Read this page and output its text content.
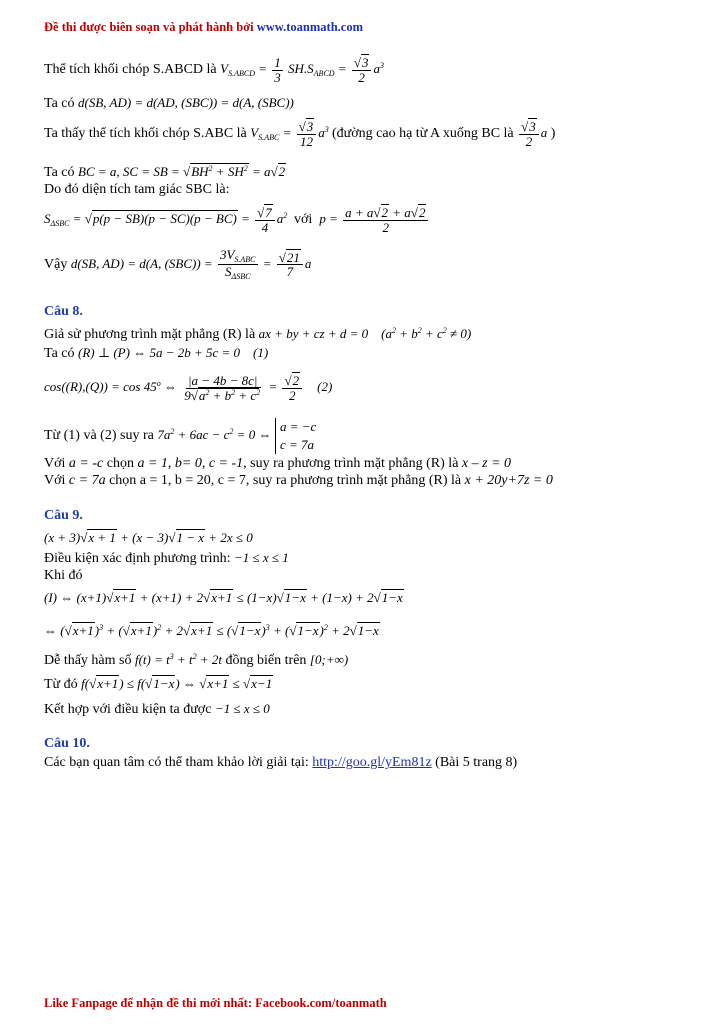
Đề thi được biên soạn và phát hành bởi www.toanmath.com
Thể tích khối chóp S.ABCD là $V_{S.ABCD} = \frac{1}{3} SH.S_{ABCD} = \frac{√3}{2} a^3$
Ta có d(SB, AD) = d(AD, (SBC)) = d(A, (SBC))
Ta thấy thể tích khối chóp S.ABC là $V_{S.ABC} = \frac{√3}{12} a^3$ (đường cao hạ từ A xuống BC là $\frac{√3}{2}$ a )
Ta có BC = a, SC = SB = $√BH^2 + SH^2 = a√2$
Do đó diện tích tam giác SBC là:
$S_{\Delta SBC} = √p(p - SB)(p - SC)(p - BC) = \frac{√7}{4} a^2$ với $p = \frac{a + a√2 + a√2}{2}$
Vậy d(SB, AD) = d(A, (SBC)) =
$3V_{S.ABC}$
$S_{\Delta SBC}$
= $\frac{√21}{7}$ a
Câu 8.
Giả sử phương trình mặt phẳng (R) là ax + by + cz + d = 0    $(a^2 + b^2 + c^2 \ne 0)$
Ta có (R) ⊥ (P) ⇔ 5a − 2b + 5c = 0    (1)
cos((R),(Q)) = cos 45$^o$ ⇔ $\frac{|a - 4b - 8c|}{9√a^2 + b^2 + c^2} = \frac{√2}{2} (2)$
Từ (1) và (2) suy ra $7a^2 + 6ac - c^2 = 0$ ⇔ a = −c
c = 7a
Với a = -c chọn a = 1, b= 0, c = -1, suy ra phương trình mặt phẳng (R) là x – z = 0
Với c = 7a chọn a = 1, b = 20, c = 7, suy ra phương trình mặt phẳng (R) là x + 20y+7z = 0
Câu 9.
(x + 3)√x + 1 + (x − 3)√1 − x + 2x ≤ 0
Điều kiện xác định phương trình: −1 ≤ x ≤ 1
Khi đó
(I) ⇔ (x+1)√x+1 + (x+1) + 2√x+1 ≤ (1−x)√1−x + (1−x) + 2√1−x
⇔ $(√x+1)^3 + (√x+1)^2 + 2√x+1 \le (√1-x)^3 + (√1-x)^2 + 2√1-x$
Dễ thấy hàm số $f(t) = t^3 + t^2 + 2t$ đồng biến trên [0;+∞)
Từ đó f(√x+1) ≤ f(√1−x) ⇔ √x+1 ≤ √x−1
Kết hợp với điều kiện ta được −1 ≤ x ≤ 0
Câu 10.
Các bạn quan tâm có thể tham khảo lời giải tại: http://goo.gl/yEm81z (Bài 5 trang 8)
Like Fanpage để nhận đề thi mới nhất: Facebook.com/toanmath
